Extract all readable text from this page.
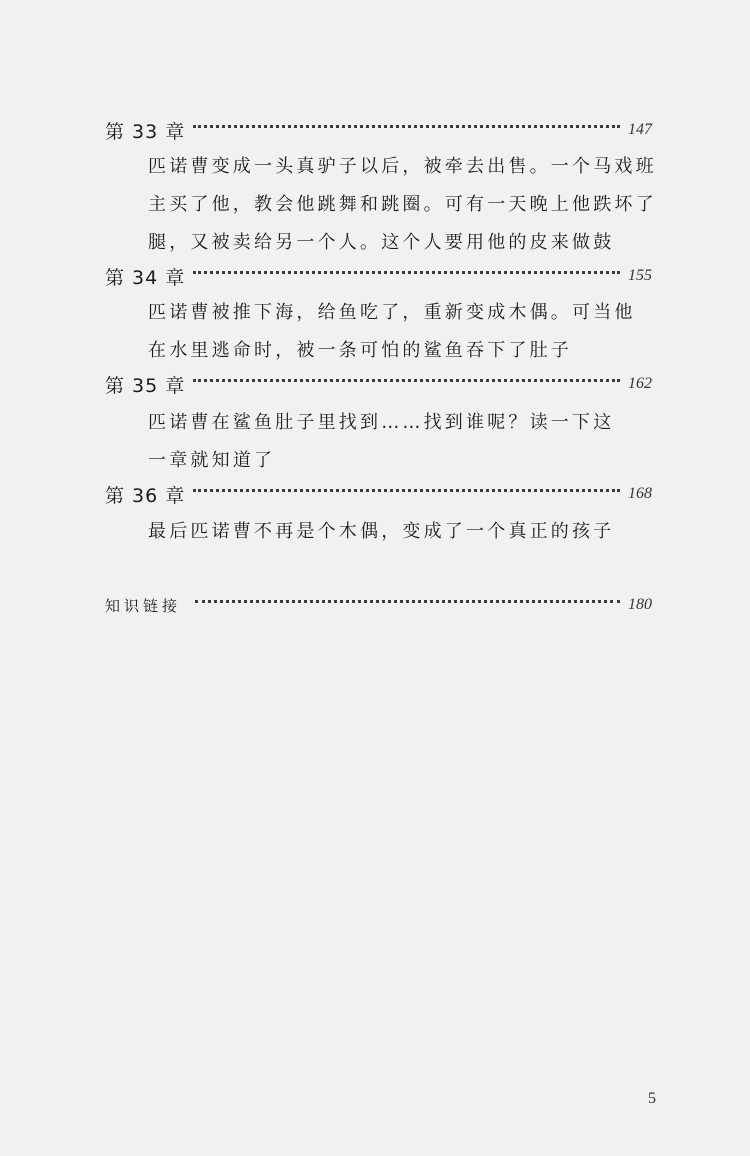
第 33 章	147
匹诺曹变成一头真驴子以后，被牵去出售。一个马戏班
主买了他，教会他跳舞和跳圈。可有一天晚上他跌坏了
腿，又被卖给另一个人。这个人要用他的皮来做鼓
第 34 章	155
匹诺曹被推下海，给鱼吃了，重新变成木偶。可当他
在水里逃命时，被一条可怕的鲨鱼吞下了肚子
第 35 章	162
匹诺曹在鲨鱼肚子里找到……找到谁呢？读一下这
一章就知道了
第 36 章	168
最后匹诺曹不再是个木偶，变成了一个真正的孩子
知识链接	180
5
